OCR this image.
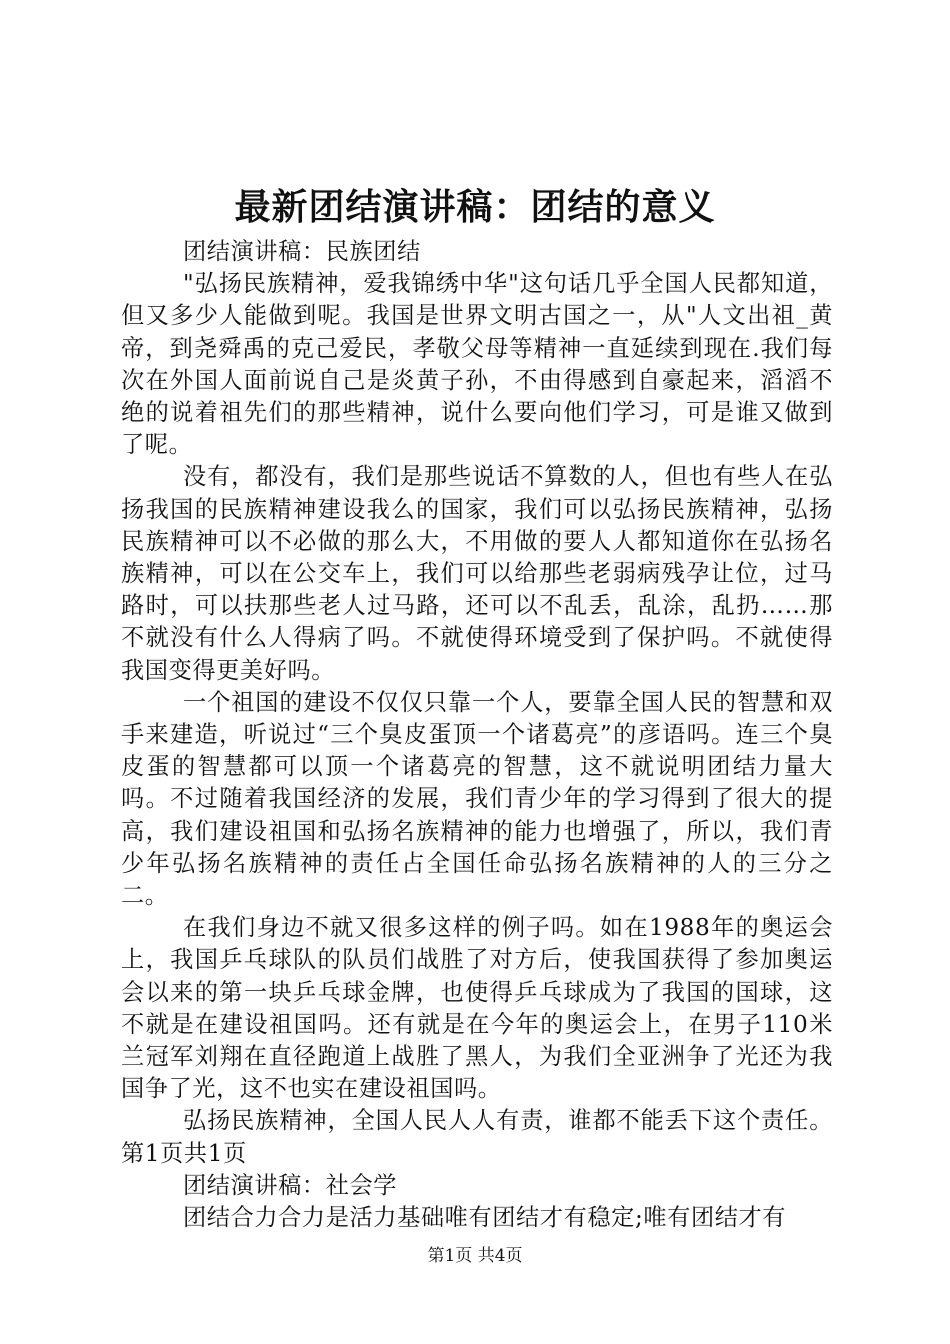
最新团结演讲稿：团结的意义

团结演讲稿：民族团结

"弘扬民族精神，爱我锦绣中华"这句话几乎全国人民都知道，但又多少人能做到呢。我国是世界文明古国之一，从"人文出祖_黄帝，到尧舜禹的克己爱民，孝敬父母等精神一直延续到现在.我们每次在外国人面前说自己是炎黄子孙，不由得感到自豪起来，滔滔不绝的说着祖先们的那些精神，说什么要向他们学习，可是谁又做到了呢。

没有，都没有，我们是那些说话不算数的人，但也有些人在弘扬我国的民族精神建设我么的国家，我们可以弘扬民族精神，弘扬民族精神可以不必做的那么大，不用做的要人人都知道你在弘扬名族精神，可以在公交车上，我们可以给那些老弱病残孕让位，过马路时，可以扶那些老人过马路，还可以不乱丢，乱涂，乱扔……那不就没有什么人得病了吗。不就使得环境受到了保护吗。不就使得我国变得更美好吗。

一个祖国的建设不仅仅只靠一个人，要靠全国人民的智慧和双手来建造，听说过“三个臭皮蛋顶一个诸葛亮”的彦语吗。连三个臭皮蛋的智慧都可以顶一个诸葛亮的智慧，这不就说明团结力量大吗。不过随着我国经济的发展，我们青少年的学习得到了很大的提高，我们建设祖国和弘扬名族精神的能力也增强了，所以，我们青少年弘扬名族精神的责任占全国任命弘扬名族精神的人的三分之二。

在我们身边不就又很多这样的例子吗。如在1988年的奥运会上，我国乒乓球队的队员们战胜了对方后，使我国获得了参加奥运会以来的第一块乒乓球金牌，也使得乒乓球成为了我国的国球，这不就是在建设祖国吗。还有就是在今年的奥运会上，在男子110米兰冠军刘翔在直径跑道上战胜了黑人，为我们全亚洲争了光还为我国争了光，这不也实在建设祖国吗。

弘扬民族精神，全国人民人人有责，谁都不能丢下这个责任。第1页共1页

团结演讲稿：社会学

团结合力合力是活力基础唯有团结才有稳定;唯有团结才有

第1页 共4页
